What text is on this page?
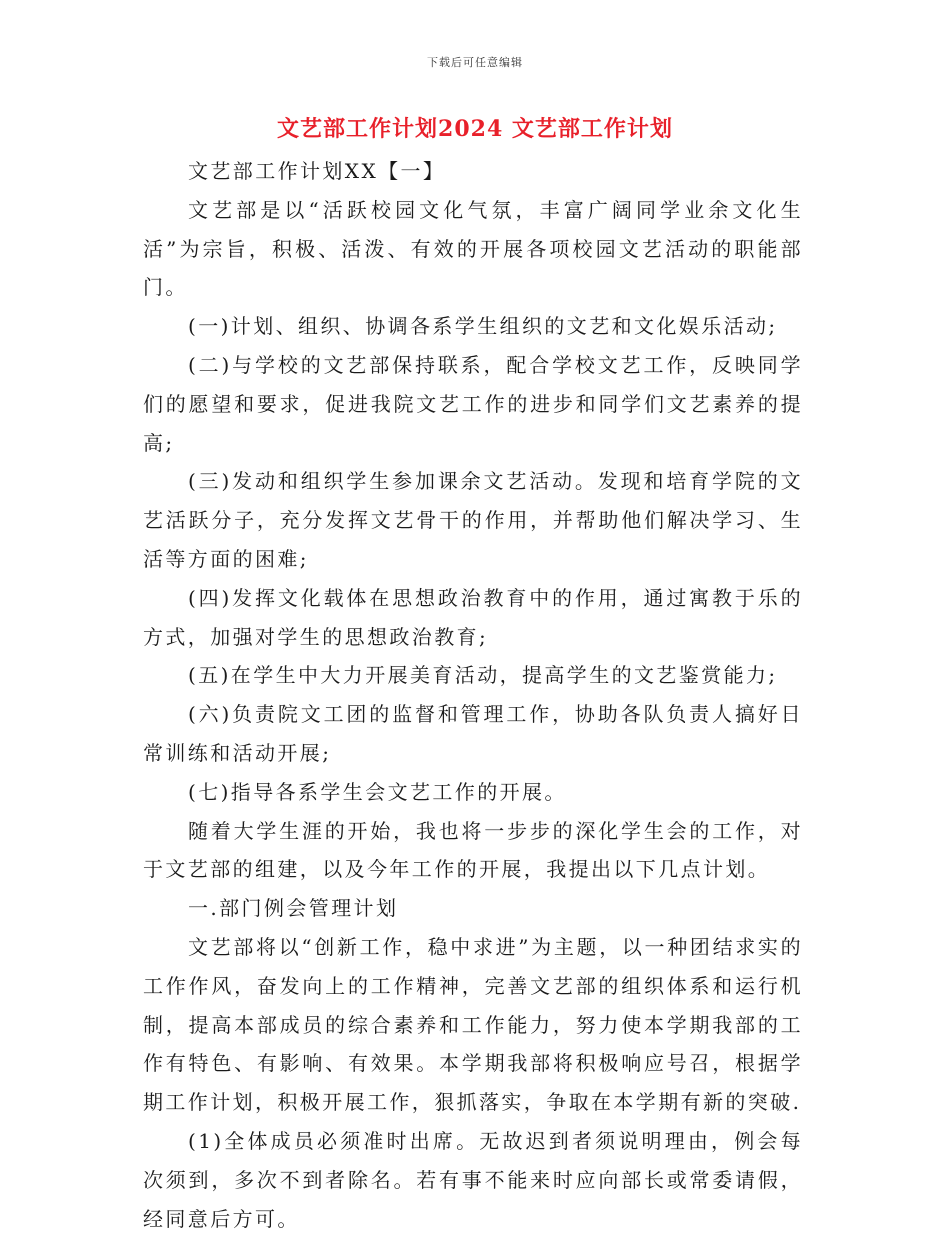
下载后可任意编辑
文艺部工作计划2024 文艺部工作计划

文艺部工作计划XX【一】

文艺部是以“活跃校园文化气氛，丰富广阔同学业余文化生活”为宗旨，积极、活泼、有效的开展各项校园文艺活动的职能部门。

(一)计划、组织、协调各系学生组织的文艺和文化娱乐活动;

(二)与学校的文艺部保持联系，配合学校文艺工作，反映同学们的愿望和要求，促进我院文艺工作的进步和同学们文艺素养的提高;

(三)发动和组织学生参加课余文艺活动。发现和培育学院的文艺活跃分子，充分发挥文艺骨干的作用，并帮助他们解决学习、生活等方面的困难;

(四)发挥文化载体在思想政治教育中的作用，通过寓教于乐的方式，加强对学生的思想政治教育;

(五)在学生中大力开展美育活动，提高学生的文艺鉴赏能力;

(六)负责院文工团的监督和管理工作，协助各队负责人搞好日常训练和活动开展;

(七)指导各系学生会文艺工作的开展。

随着大学生涯的开始，我也将一步步的深化学生会的工作，对于文艺部的组建，以及今年工作的开展，我提出以下几点计划。

一.部门例会管理计划

文艺部将以“创新工作，稳中求进”为主题，以一种团结求实的工作作风，奋发向上的工作精神，完善文艺部的组织体系和运行机制，提高本部成员的综合素养和工作能力，努力使本学期我部的工作有特色、有影响、有效果。本学期我部将积极响应号召，根据学期工作计划，积极开展工作，狠抓落实，争取在本学期有新的突破.

(1)全体成员必须准时出席。无故迟到者须说明理由，例会每次须到，多次不到者除名。若有事不能来时应向部长或常委请假，经同意后方可。
